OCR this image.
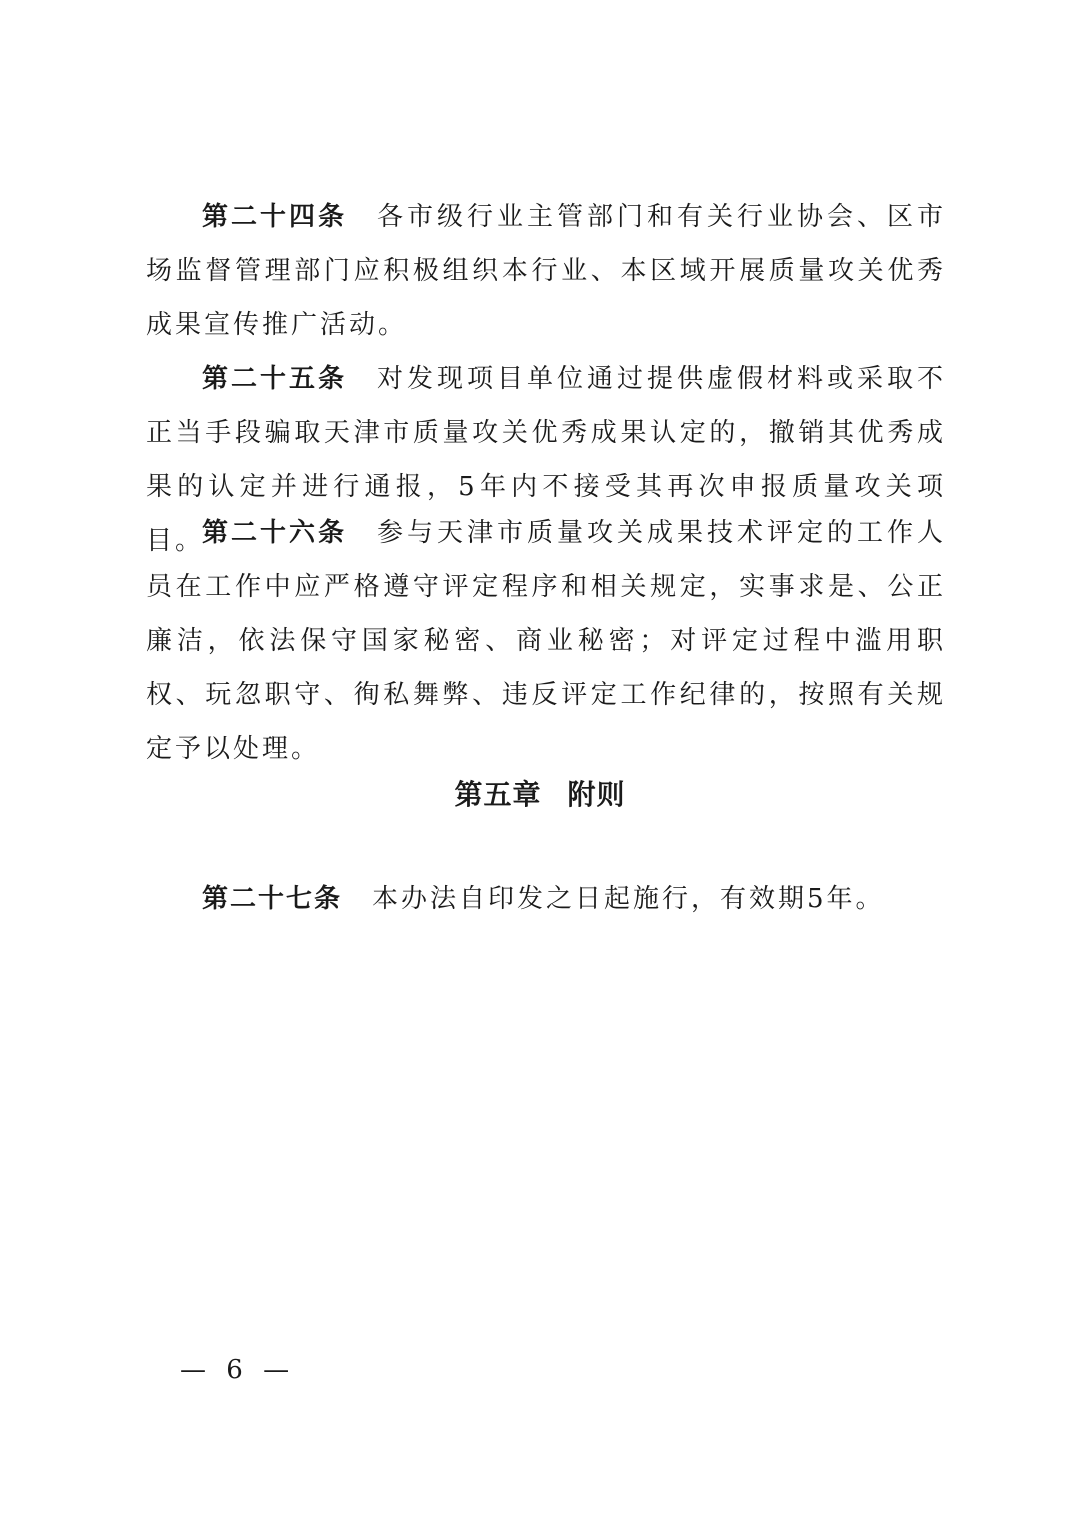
第二十四条 各市级行业主管部门和有关行业协会、区市场监督管理部门应积极组织本行业、本区域开展质量攻关优秀成果宣传推广活动。

第二十五条 对发现项目单位通过提供虚假材料或采取不正当手段骗取天津市质量攻关优秀成果认定的，撤销其优秀成果的认定并进行通报，5年内不接受其再次申报质量攻关项目。

第二十六条 参与天津市质量攻关成果技术评定的工作人员在工作中应严格遵守评定程序和相关规定，实事求是、公正廉洁，依法保守国家秘密、商业秘密；对评定过程中滥用职权、玩忽职守、徇私舞弊、违反评定工作纪律的，按照有关规定予以处理。

第五章 附则

第二十七条 本办法自印发之日起施行，有效期5年。

— 6 —
